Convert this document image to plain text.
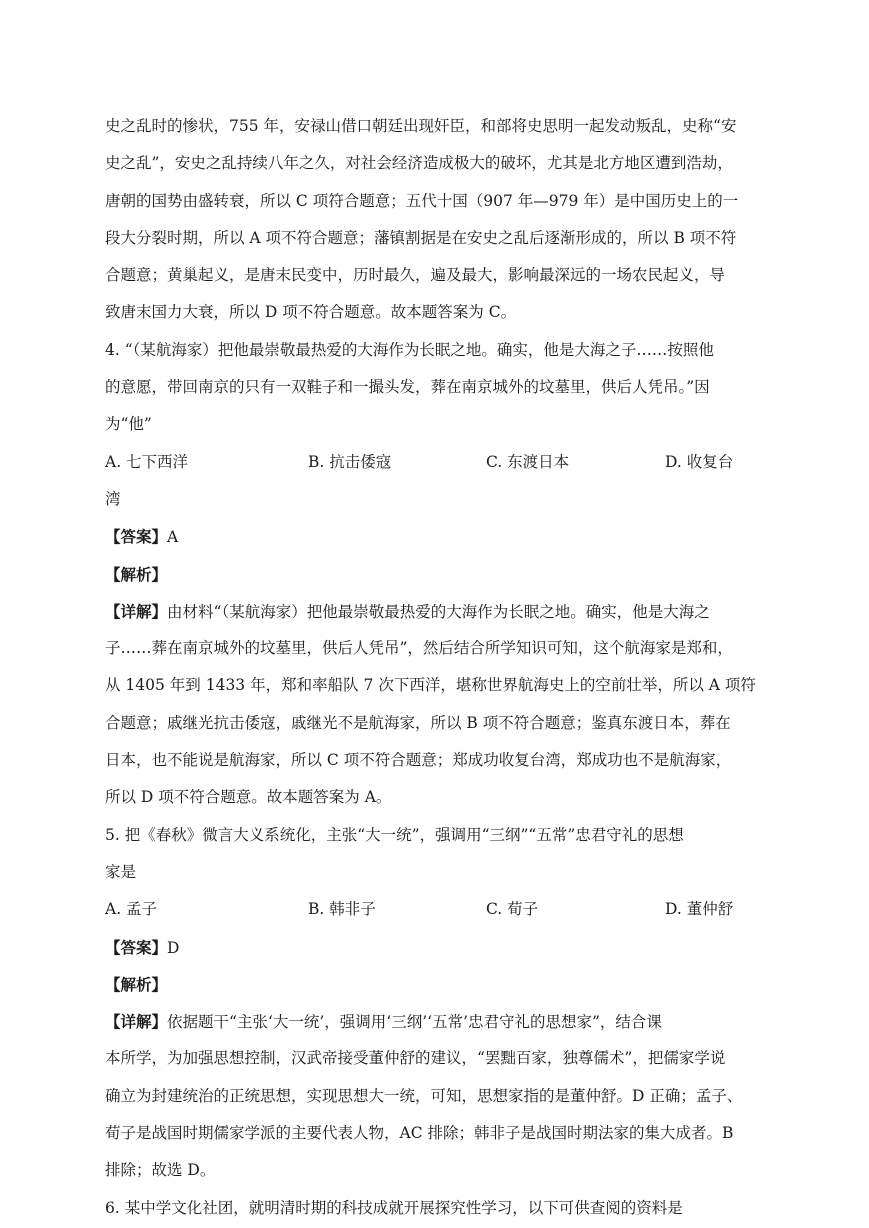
史之乱时的惨状，755 年，安禄山借口朝廷出现奸臣，和部将史思明一起发动叛乱，史称“安
史之乱”，安史之乱持续八年之久，对社会经济造成极大的破坏，尤其是北方地区遭到浩劫，
唐朝的国势由盛转衰，所以 C 项符合题意；五代十国（907 年—979 年）是中国历史上的一
段大分裂时期，所以 A 项不符合题意；藩镇割据是在安史之乱后逐渐形成的，所以 B 项不符
合题意；黄巢起义，是唐末民变中，历时最久，遍及最大，影响最深远的一场农民起义，导
致唐末国力大衰，所以 D 项不符合题意。故本题答案为 C。
4. “（某航海家）把他最崇敬最热爱的大海作为长眠之地。确实，他是大海之子……按照他
的意愿，带回南京的只有一双鞋子和一撮头发，葬在南京城外的坟墓里，供后人凭吊。”因
为“他”
A. 七下西洋	B. 抗击倭寇	C. 东渡日本	D. 收复台
湾
【答案】A
【解析】
【详解】由材料“（某航海家）把他最崇敬最热爱的大海作为长眠之地。确实，他是大海之
子……葬在南京城外的坟墓里，供后人凭吊”，然后结合所学知识可知，这个航海家是郑和，
从 1405 年到 1433 年，郑和率船队 7 次下西洋，堪称世界航海史上的空前壮举，所以 A 项符
合题意；戚继光抗击倭寇，戚继光不是航海家，所以 B 项不符合题意；鉴真东渡日本，葬在
日本，也不能说是航海家，所以 C 项不符合题意；郑成功收复台湾，郑成功也不是航海家，
所以 D 项不符合题意。故本题答案为 A。
5. 把《春秋》微言大义系统化，主张“大一统”，强调用“三纲”“五常”忠君守礼的思想
家是
A. 孟子	B. 韩非子	C. 荀子	D. 董仲舒
【答案】D
【解析】
【详解】依据题干“主张‘大一统’，强调用‘三纲’‘五常’忠君守礼的思想家”，结合课
本所学，为加强思想控制，汉武帝接受董仲舒的建议，“罢黜百家，独尊儒术”，把儒家学说
确立为封建统治的正统思想，实现思想大一统，可知，思想家指的是董仲舒。D 正确；孟子、
荀子是战国时期儒家学派的主要代表人物，AC 排除；韩非子是战国时期法家的集大成者。B
排除；故选 D。
6. 某中学文化社团，就明清时期的科技成就开展探究性学习，以下可供查阅的资料是
